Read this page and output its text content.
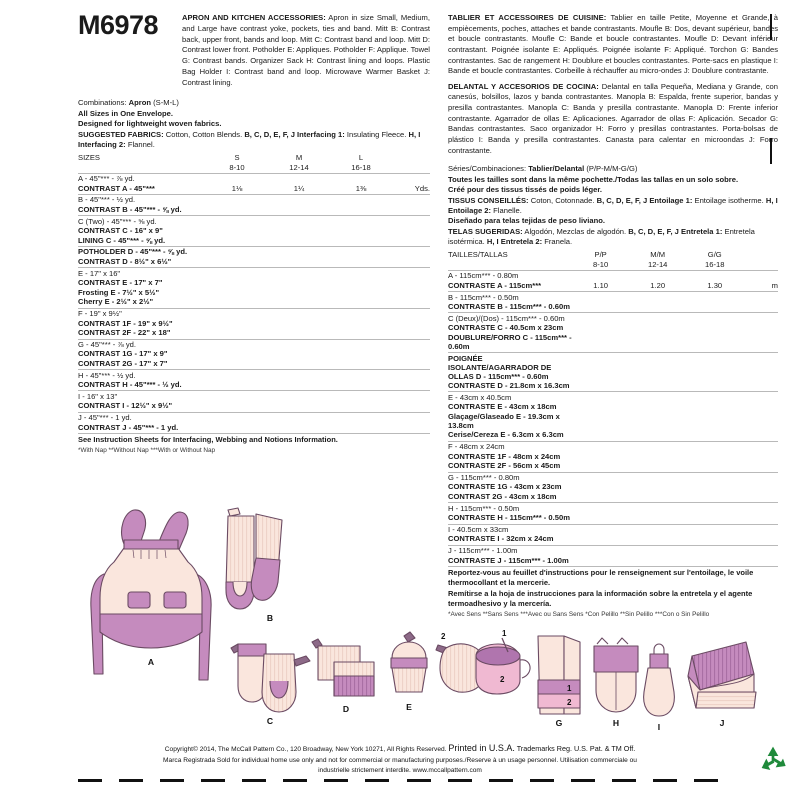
M6978	APRON AND KITCHEN ACCESSORIES: Apron in size Small, Medium, and Large have contrast yoke, pockets, ties and band. Mitt B: Contrast back, upper front, bands and loop. Mitt C: Contrast band and loop. Mitt D: Contrast lower front. Potholder E: Appliques. Potholder F: Applique. Towel G: Contrast bands. Organizer Sack H: Contrast lining and loops. Plastic Bag Holder I: Contrast band and loop. Microwave Warmer Basket J: Contrast lining.
Combinations: Apron (S-M-L)
All Sizes in One Envelope.
Designed for lightweight woven fabrics.
SUGGESTED FABRICS: Cotton, Cotton Blends. B, C, D, E, F, J Interfacing 1: Insulating Fleece. H, I Interfacing 2: Flannel.
SIZES	S	M	L	
	8-10	12-14	16-18	

A - 45"*** - ⅞ yd.				
CONTRAST A - 45"***	1⅛	1¼	1⅜	Yds.

B - 45"*** - ½ yd.				
CONTRAST B - 45"*** - ⅝ yd.				

C (Two) - 45"*** - ⅝ yd.				
CONTRAST C - 16" x 9"				
LINING C - 45"*** - ⅝ yd.				

POTHOLDER D - 45"*** - ⅝ yd.				
CONTRAST D - 8½" x 6½"				

E - 17" x 16"				
CONTRAST E - 17" x 7"				
Frosting E - 7½" x 5½"				
Cherry E - 2½" x 2½"				

F - 19" x 9½"				
CONTRAST 1F - 19" x 9½"				
CONTRAST 2F - 22" x 18"				

G - 45"*** - ⅞ yd.				
CONTRAST 1G - 17" x 9"				
CONTRAST 2G - 17" x 7"				

H - 45"*** - ½ yd.				
CONTRAST H - 45"*** - ½ yd.				

I - 16" x 13"				
CONTRAST I - 12½" x 9½"				

J - 45"*** - 1 yd.				
CONTRAST J - 45"*** - 1 yd.				

See Instruction Sheets for Interfacing, Webbing and Notions Information.
*With Nap **Without Nap ***With or Without Nap
TABLIER ET ACCESSOIRES DE CUISINE: Tablier en taille Petite, Moyenne et Grande, à empiècements, poches, attaches et bande contrastants. Moufle B: Dos, devant supérieur, bandes et boucle contrastants. Moufle C: Bande et boucle contrastantes. Moufle D: Devant inférieur contrastant. Poignée isolante E: Appliqués. Poignée isolante F: Appliqué. Torchon G: Bandes contrastantes. Sac de rangement H: Doublure et boucles contrastantes. Porte-sacs en plastique I: Bande et boucle contrastantes. Corbeille à réchauffer au micro-ondes J: Doublure contrastante.
DELANTAL Y ACCESORIOS DE COCINA: Delantal en talla Pequeña, Mediana y Grande, con canesús, bolsillos, lazos y banda contrastantes. Manopla B: Espalda, frente superior, bandas y presilla contrastantes. Manopla C: Banda y presilla contrastante. Manopla D: Frente inferior contrastante. Agarrador de ollas E: Aplicaciones. Agarrador de ollas F: Aplicación. Secador G: Bandas contrastantes. Saco organizador H: Forro y presillas contrastantes. Porta-bolsas de plástico I: Banda y presilla contrastantes. Canasta para calentar en microondas J: Forro contrastante.
Séries/Combinaciones: Tablier/Delantal (P/P-M/M-G/G)
Toutes les tailles sont dans la même pochette./Todas las tallas en un solo sobre.
Créé pour des tissus tissés de poids léger.
TISSUS CONSEILLÉS: Coton, Cotonnade. B, C, D, E, F, J Entoilage 1: Entoilage isotherme. H, I Entoilage 2: Flanelle.
Diseñado para telas tejidas de peso liviano.
TELAS SUGERIDAS: Algodón, Mezclas de algodón. B, C, D, E, F, J Entretela 1: Entretela isotérmica. H, I Entretela 2: Franela.
TAILLES/TALLAS	P/P	M/M	G/G	
	8-10	12-14	16-18	

A - 115cm*** - 0.80m				
CONTRASTE A - 115cm***	1.10	1.20	1.30	m

B - 115cm*** - 0.50m				
CONTRASTE B - 115cm*** - 0.60m				

C (Deux)/(Dos) - 115cm*** - 0.60m				
CONTRASTE C - 40.5cm x 23cm				
DOUBLURE/FORRO C - 115cm*** - 0.60m				

POIGNÉE ISOLANTE/AGARRADOR DE OLLAS D - 115cm*** - 0.60m				
CONTRASTE D - 21.8cm x 16.3cm				

E - 43cm x 40.5cm				
CONTRASTE E - 43cm x 18cm				
Glaçage/Glaseado E - 19.3cm x 13.8cm				
Cerise/Cereza E - 6.3cm x 6.3cm				

F - 48cm x 24cm				
CONTRASTE 1F - 48cm x 24cm				
CONTRASTE 2F - 56cm x 45cm				

G - 115cm*** - 0.80m				
CONTRASTE 1G - 43cm x 23cm				
CONTRAST 2G - 43cm x 18cm				

H - 115cm*** - 0.50m				
CONTRASTE H - 115cm*** - 0.50m				

I - 40.5cm x 33cm				
CONTRASTE I - 32cm x 24cm				

J - 115cm*** - 1.00m				
CONTRASTE J - 115cm*** - 1.00m				

Reportez-vous au feuillet d'instructions pour le renseignement sur l'entoilage, le voile thermocollant et la mercerie.
Remítirse a la hoja de instrucciones para la información sobre la entretela y el agente termoadhesivo y la mercería.
*Avec Sens **Sans Sens ***Avec ou Sans Sens *Con Pelillo **Sin Pelillo ***Con o Sin Pelillo
A
B
C
D	E
2	1
2
1
2
G	H	I	J
Copyright© 2014, The McCall Pattern Co., 120 Broadway, New York 10271, All Rights Reserved. Printed in U.S.A. Trademarks Reg. U.S. Pat. & TM Off.
Marca Registrada Sold for individual home use only and not for commercial or manufacturing purposes./Reserve à un usage personnel. Utilisation commerciale ou
industrielle strictement interdite. www.mccallpattern.com
